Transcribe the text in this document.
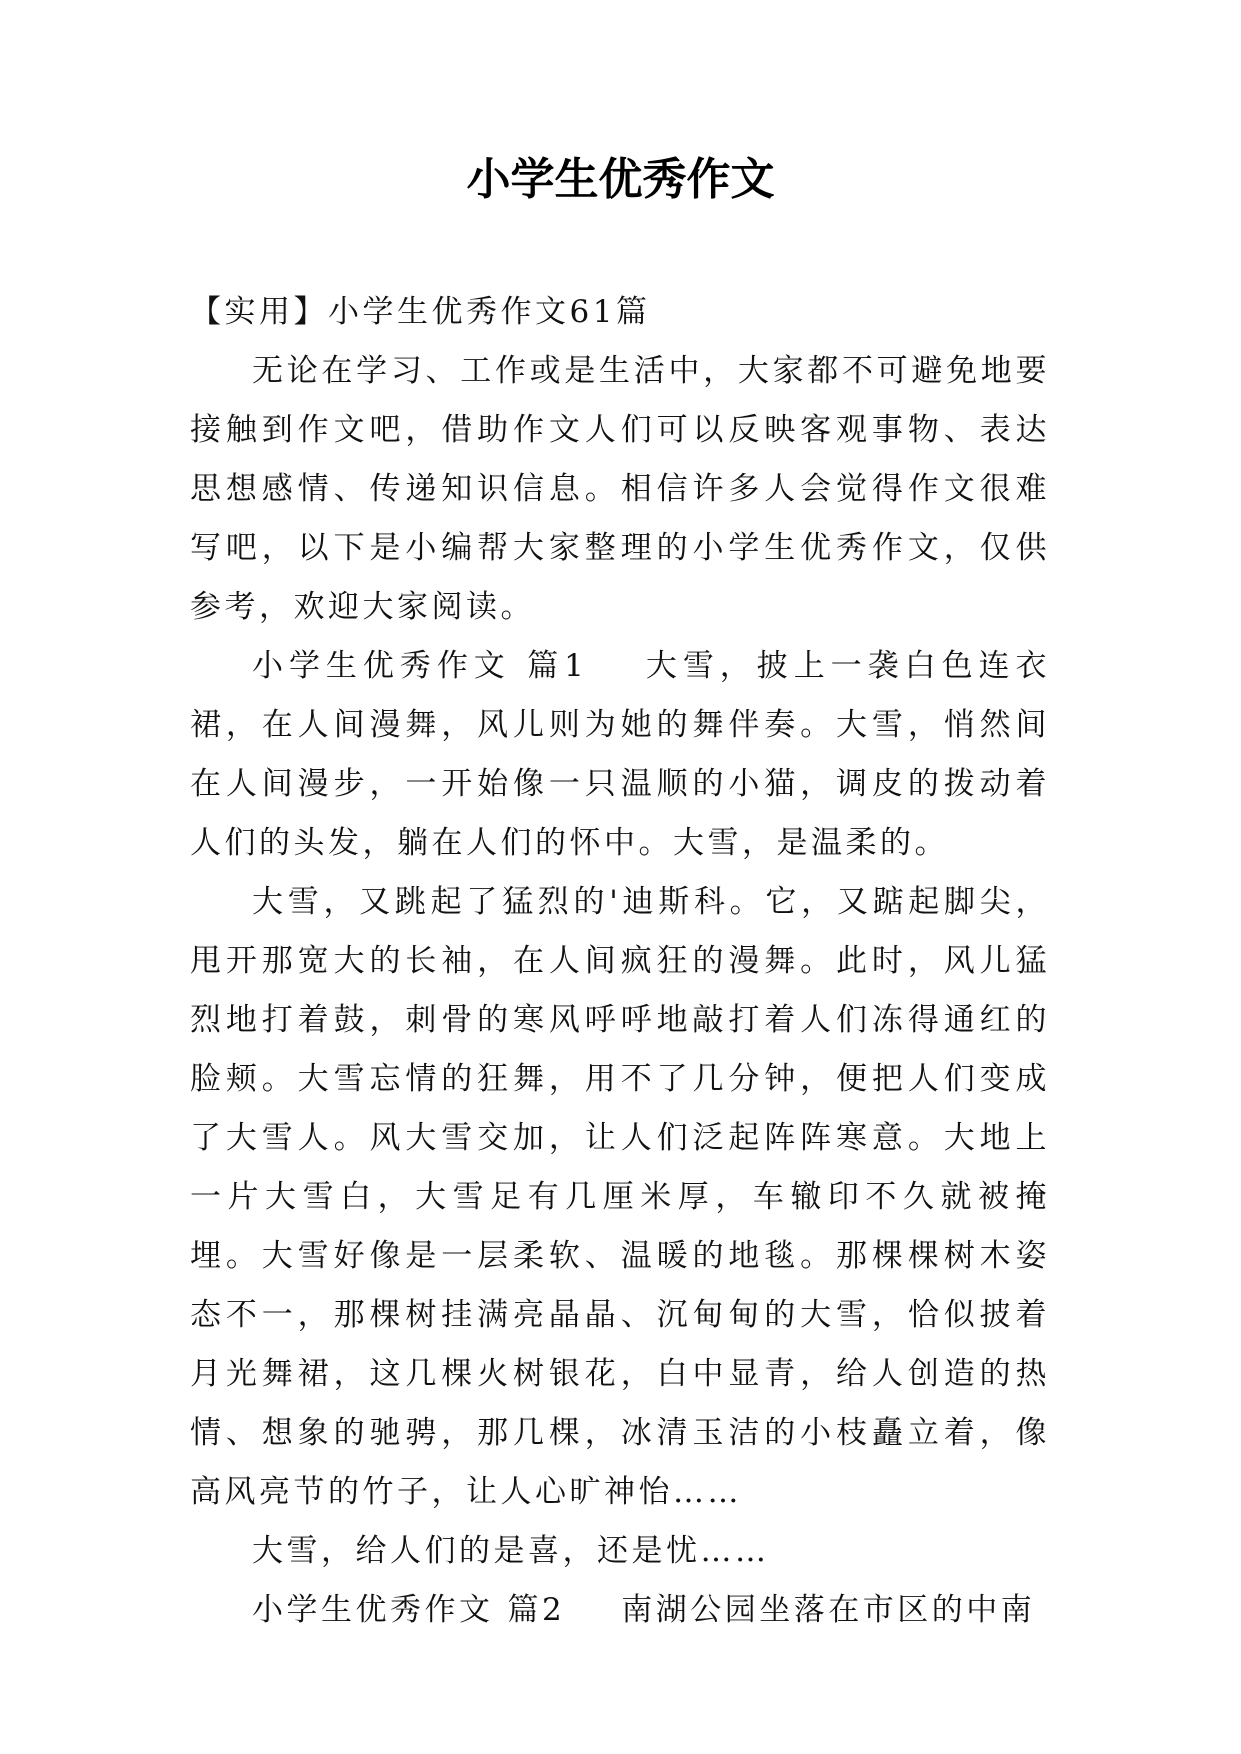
小学生优秀作文

【实用】小学生优秀作文61篇

无论在学习、工作或是生活中，大家都不可避免地要接触到作文吧，借助作文人们可以反映客观事物、表达思想感情、传递知识信息。相信许多人会觉得作文很难写吧，以下是小编帮大家整理的小学生优秀作文，仅供参考，欢迎大家阅读。

小学生优秀作文 篇1 大雪，披上一袭白色连衣裙，在人间漫舞，风儿则为她的舞伴奏。大雪，悄然间在人间漫步，一开始像一只温顺的小猫，调皮的拨动着人们的头发，躺在人们的怀中。大雪，是温柔的。

大雪，又跳起了猛烈的'迪斯科。它，又踮起脚尖，甩开那宽大的长袖，在人间疯狂的漫舞。此时，风儿猛烈地打着鼓，刺骨的寒风呼呼地敲打着人们冻得通红的脸颊。大雪忘情的狂舞，用不了几分钟，便把人们变成了大雪人。风大雪交加，让人们泛起阵阵寒意。大地上一片大雪白，大雪足有几厘米厚，车辙印不久就被掩埋。大雪好像是一层柔软、温暖的地毯。那棵棵树木姿态不一，那棵树挂满亮晶晶、沉甸甸的大雪，恰似披着月光舞裙，这几棵火树银花，白中显青，给人创造的热情、想象的驰骋，那几棵，冰清玉洁的小枝矗立着，像高风亮节的竹子，让人心旷神怡……

大雪，给人们的是喜，还是忧……

小学生优秀作文 篇2 南湖公园坐落在市区的中南
